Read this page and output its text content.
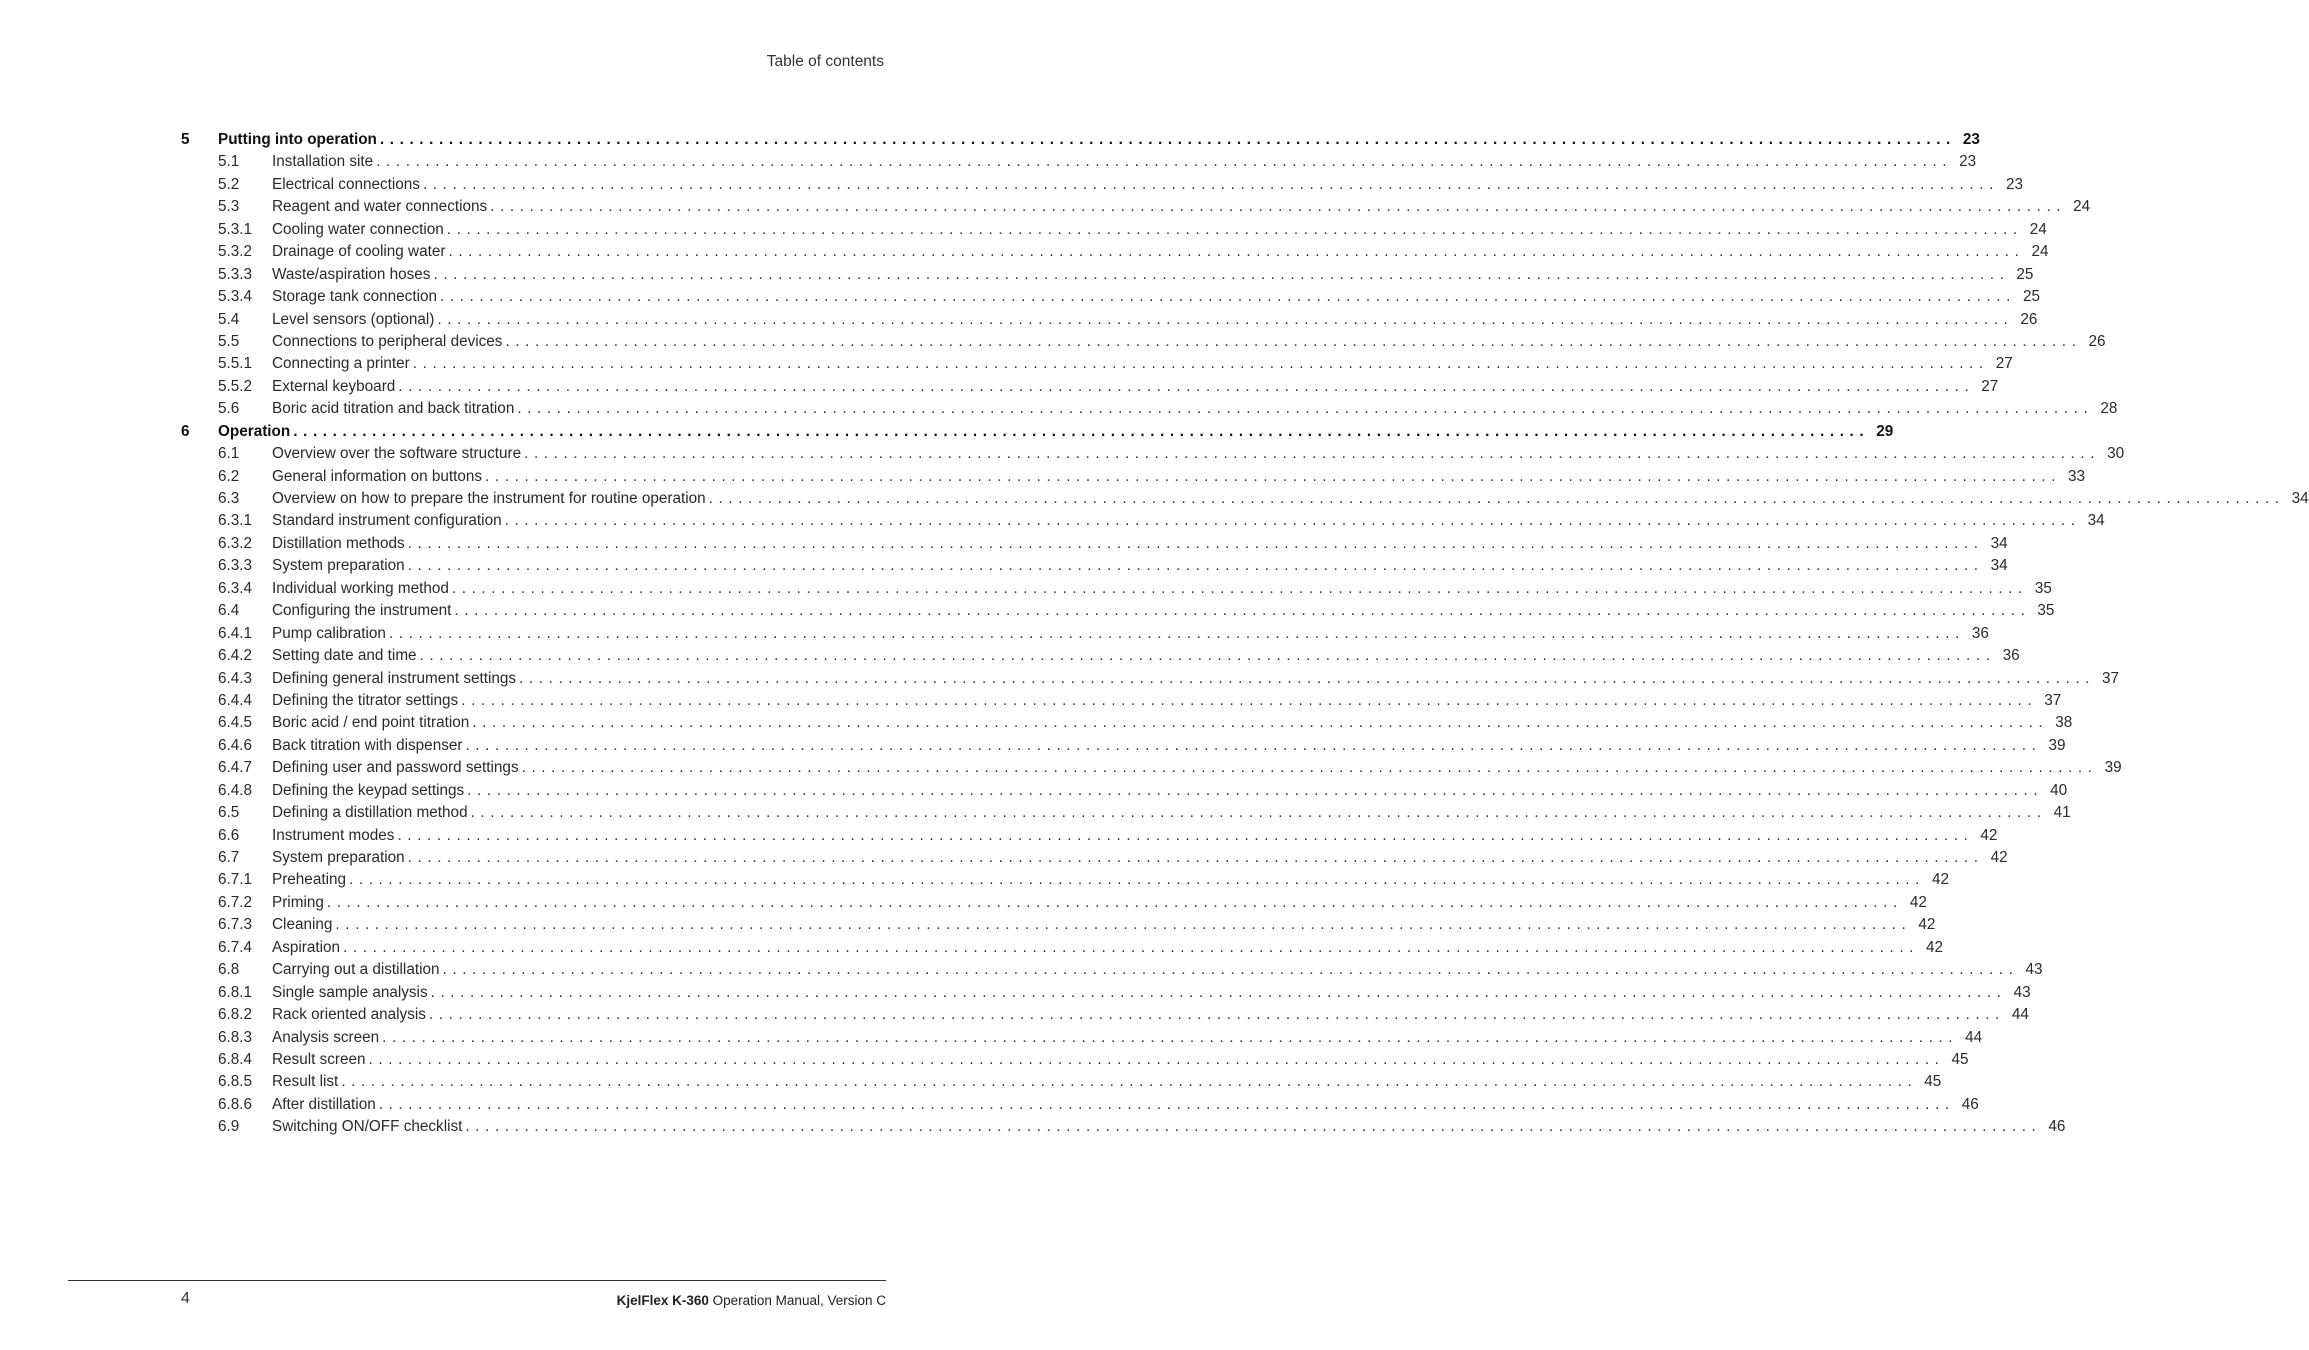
Table of contents
5	Putting into operation ................................................................................................................................................................ 23
5.1	Installation site ................................................................................................................................................................ 23
5.2	Electrical connections ................................................................................................................................................................ 23
5.3	Reagent and water connections ................................................................................................................................................................ 24
5.3.1	Cooling water connection ................................................................................................................................................................ 24
5.3.2	Drainage of cooling water ................................................................................................................................................................ 24
5.3.3	Waste/aspiration hoses ................................................................................................................................................................ 25
5.3.4	Storage tank connection ................................................................................................................................................................ 25
5.4	Level sensors (optional) ................................................................................................................................................................ 26
5.5	Connections to peripheral devices ................................................................................................................................................................ 26
5.5.1	Connecting a printer ................................................................................................................................................................ 27
5.5.2	External keyboard ................................................................................................................................................................ 27
5.6	Boric acid titration and back titration ................................................................................................................................................................ 28
6	Operation ................................................................................................................................................................ 29
6.1	Overview over the software structure ................................................................................................................................................................ 30
6.2	General information on buttons ................................................................................................................................................................ 33
6.3	Overview on how to prepare the instrument for routine operation ................................................................................................................................................................ 34
6.3.1	Standard instrument configuration ................................................................................................................................................................ 34
6.3.2	Distillation methods ................................................................................................................................................................ 34
6.3.3	System preparation ................................................................................................................................................................ 34
6.3.4	Individual working method ................................................................................................................................................................ 35
6.4	Configuring the instrument ................................................................................................................................................................ 35
6.4.1	Pump calibration ................................................................................................................................................................ 36
6.4.2	Setting date and time ................................................................................................................................................................ 36
6.4.3	Defining general instrument settings ................................................................................................................................................................ 37
6.4.4	Defining the titrator settings ................................................................................................................................................................ 37
6.4.5	Boric acid / end point titration ................................................................................................................................................................ 38
6.4.6	Back titration with dispenser ................................................................................................................................................................ 39
6.4.7	Defining user and password settings ................................................................................................................................................................ 39
6.4.8	Defining the keypad settings ................................................................................................................................................................ 40
6.5	Defining a distillation method ................................................................................................................................................................ 41
6.6	Instrument modes ................................................................................................................................................................ 42
6.7	System preparation ................................................................................................................................................................ 42
6.7.1	Preheating ................................................................................................................................................................ 42
6.7.2	Priming ................................................................................................................................................................ 42
6.7.3	Cleaning ................................................................................................................................................................ 42
6.7.4	Aspiration ................................................................................................................................................................ 42
6.8	Carrying out a distillation ................................................................................................................................................................ 43
6.8.1	Single sample analysis ................................................................................................................................................................ 43
6.8.2	Rack oriented analysis ................................................................................................................................................................ 44
6.8.3	Analysis screen ................................................................................................................................................................ 44
6.8.4	Result screen ................................................................................................................................................................ 45
6.8.5	Result list ................................................................................................................................................................ 45
6.8.6	After distillation ................................................................................................................................................................ 46
6.9	Switching ON/OFF checklist ................................................................................................................................................................ 46
4	KjelFlex K-360 Operation Manual, Version C
